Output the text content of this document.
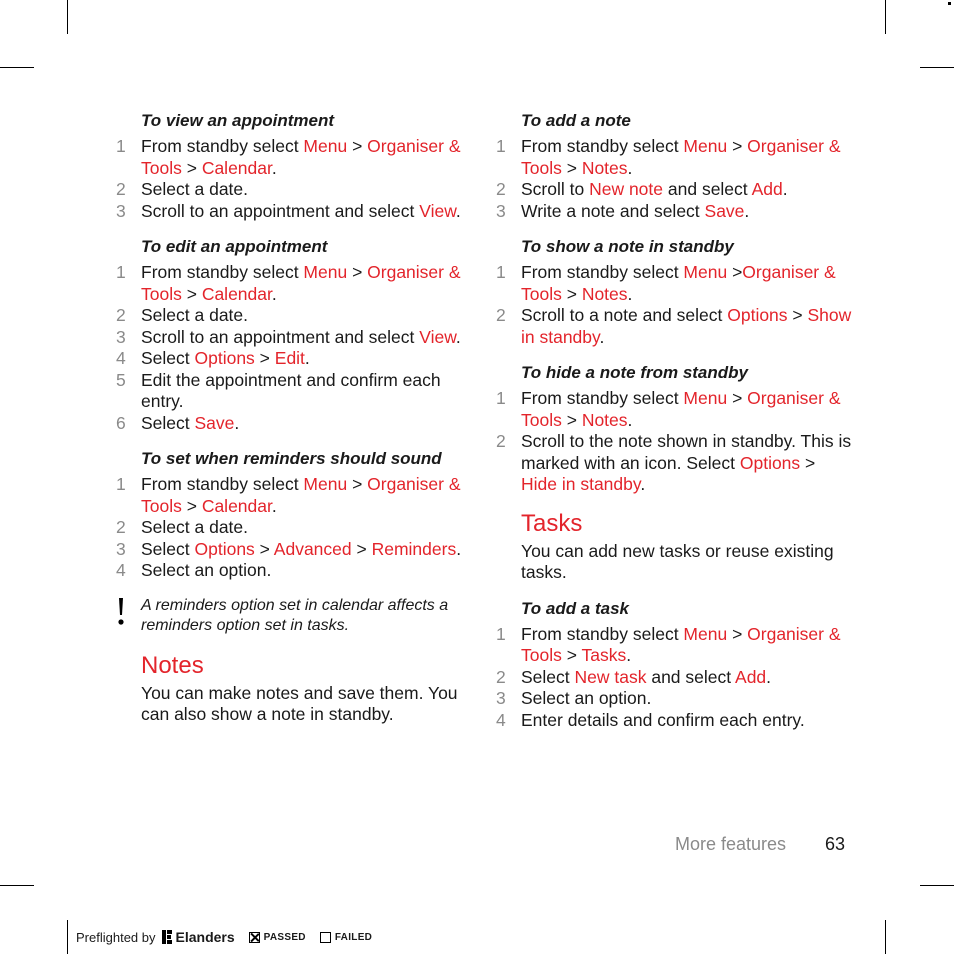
To view an appointment
1 From standby select Menu > Organiser & Tools > Calendar.
2 Select a date.
3 Scroll to an appointment and select View.
To edit an appointment
1 From standby select Menu > Organiser & Tools > Calendar.
2 Select a date.
3 Scroll to an appointment and select View.
4 Select Options > Edit.
5 Edit the appointment and confirm each entry.
6 Select Save.
To set when reminders should sound
1 From standby select Menu > Organiser & Tools > Calendar.
2 Select a date.
3 Select Options > Advanced > Reminders.
4 Select an option.
A reminders option set in calendar affects a reminders option set in tasks.
Notes
You can make notes and save them. You can also show a note in standby.
To add a note
1 From standby select Menu > Organiser & Tools > Notes.
2 Scroll to New note and select Add.
3 Write a note and select Save.
To show a note in standby
1 From standby select Menu >Organiser & Tools > Notes.
2 Scroll to a note and select Options > Show in standby.
To hide a note from standby
1 From standby select Menu > Organiser & Tools > Notes.
2 Scroll to the note shown in standby. This is marked with an icon. Select Options > Hide in standby.
Tasks
You can add new tasks or reuse existing tasks.
To add a task
1 From standby select Menu > Organiser & Tools > Tasks.
2 Select New task and select Add.
3 Select an option.
4 Enter details and confirm each entry.
More features 63
Preflighted by Elanders	PASSED	FAILED
